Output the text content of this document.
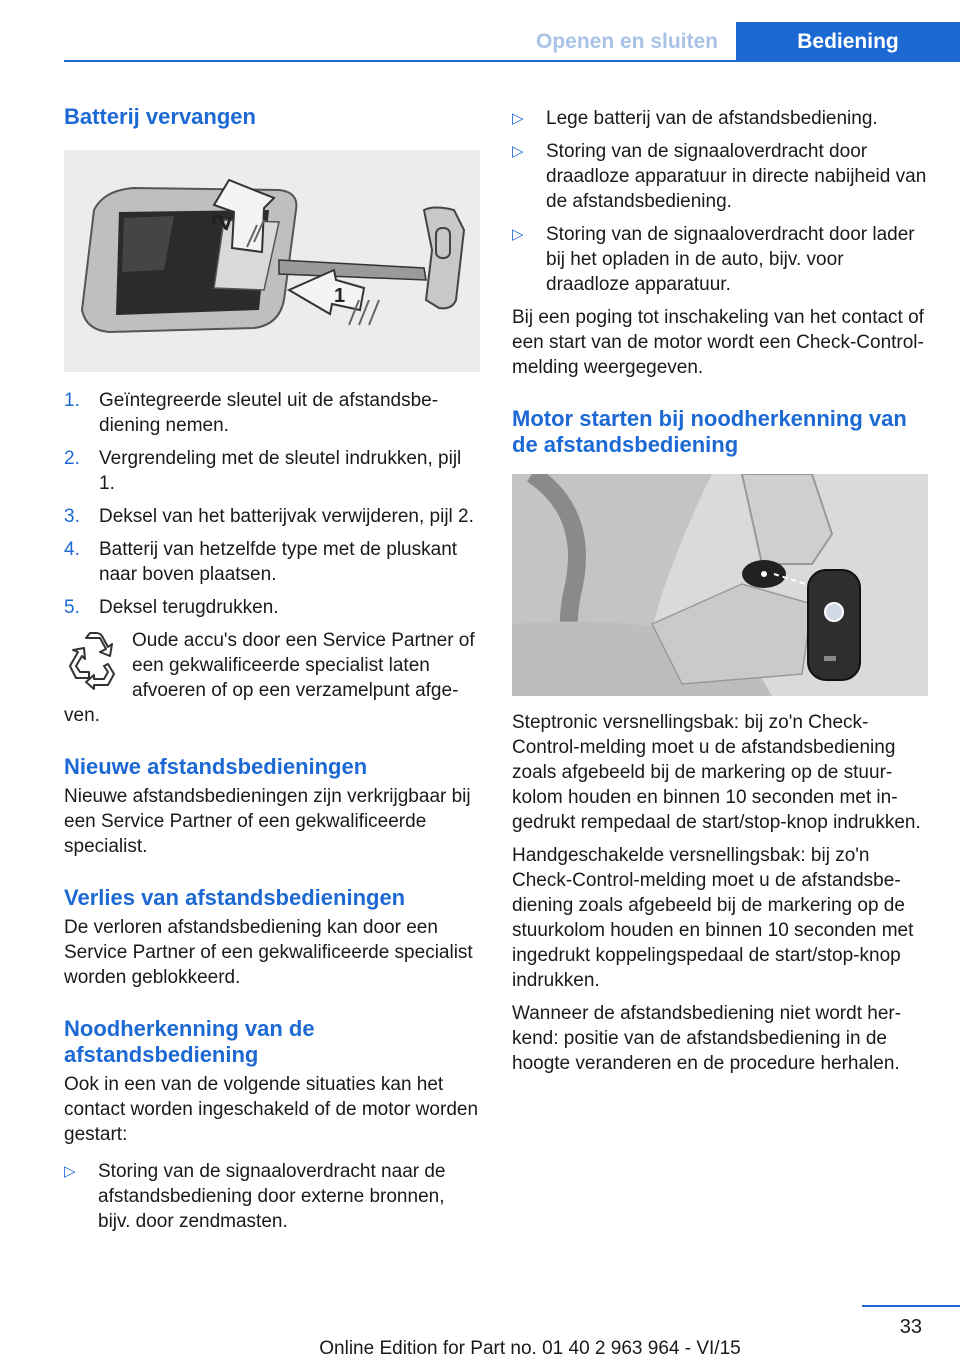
Openen en sluiten	Bediening
Batterij vervangen
2
1
1. Geïntegreerde sleutel uit de afstandsbediening nemen.
2. Vergrendeling met de sleutel indrukken, pijl 1.
3. Deksel van het batterijvak verwijderen, pijl 2.
4. Batterij van hetzelfde type met de pluskant naar boven plaatsen.
5. Deksel terugdrukken.

Oude accu's door een Service Partner of een gekwalificeerde specialist laten afvoeren of op een verzamelpunt afgeven.

Nieuwe afstandsbedieningen

Nieuwe afstandsbedieningen zijn verkrijgbaar bij een Service Partner of een gekwalificeerde specialist.

Verlies van afstandsbedieningen

De verloren afstandsbediening kan door een Service Partner of een gekwalificeerde specialist worden geblokkeerd.

Noodherkenning van de afstandsbediening

Ook in een van de volgende situaties kan het contact worden ingeschakeld of de motor worden gestart:

▷ Storing van de signaaloverdracht naar de afstandsbediening door externe bronnen, bijv. door zendmasten.
▷ Lege batterij van de afstandsbediening.
▷ Storing van de signaaloverdracht door draadloze apparatuur in directe nabijheid van de afstandsbediening.
▷ Storing van de signaaloverdracht door lader bij het opladen in de auto, bijv. voor draadloze apparatuur.

Bij een poging tot inschakeling van het contact of een start van de motor wordt een Check-Control-melding weergegeven.

Motor starten bij noodherkenning van de afstandsbediening

Steptronic versnellingsbak: bij zo'n Check-Control-melding moet u de afstandsbediening zoals afgebeeld bij de markering op de stuurkolom houden en binnen 10 seconden met ingedrukt rempedaal de start/stop-knop indrukken.

Handgeschakelde versnellingsbak: bij zo'n Check-Control-melding moet u de afstandsbediening zoals afgebeeld bij de markering op de stuurkolom houden en binnen 10 seconden met ingedrukt koppelingspedaal de start/stop-knop indrukken.

Wanneer de afstandsbediening niet wordt herkend: positie van de afstandsbediening in de hoogte veranderen en de procedure herhalen.

33
Online Edition for Part no. 01 40 2 963 964 - VI/15
